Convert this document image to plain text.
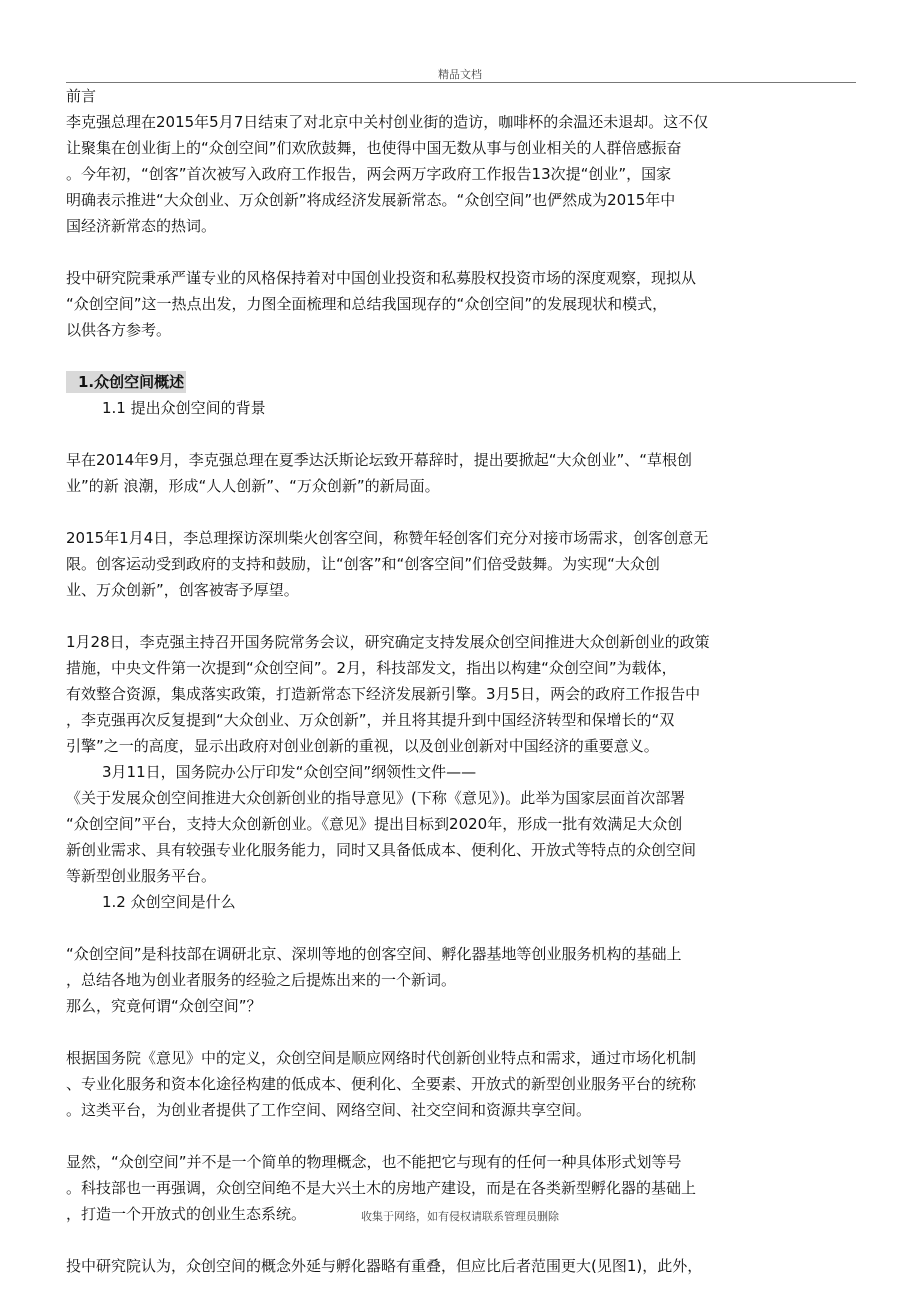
精品文档
前言
李克强总理在2015年5月7日结束了对北京中关村创业街的造访，咖啡杯的余温还未退却。这不仅
让聚集在创业街上的“众创空间”们欢欣鼓舞，也使得中国无数从事与创业相关的人群倍感振奋
。今年初，“创客”首次被写入政府工作报告，两会两万字政府工作报告13次提“创业”，国家
明确表示推进“大众创业、万众创新”将成经济发展新常态。“众创空间”也俨然成为2015年中
国经济新常态的热词。
投中研究院秉承严谨专业的风格保持着对中国创业投资和私募股权投资市场的深度观察，现拟从
“众创空间”这一热点出发，力图全面梳理和总结我国现存的“众创空间”的发展现状和模式，
以供各方参考。
1.众创空间概述
1.1 提出众创空间的背景
早在2014年9月，李克强总理在夏季达沃斯论坛致开幕辞时，提出要掀起“大众创业”、“草根创
业”的新 浪潮，形成“人人创新”、“万众创新”的新局面。
2015年1月4日，李总理探访深圳柴火创客空间，称赞年轻创客们充分对接市场需求，创客创意无
限。创客运动受到政府的支持和鼓励，让“创客”和“创客空间”们倍受鼓舞。为实现“大众创
业、万众创新”，创客被寄予厚望。
1月28日，李克强主持召开国务院常务会议，研究确定支持发展众创空间推进大众创新创业的政策
措施，中央文件第一次提到“众创空间”。2月，科技部发文，指出以构建“众创空间”为载体，
有效整合资源，集成落实政策，打造新常态下经济发展新引擎。3月5日，两会的政府工作报告中
，李克强再次反复提到“大众创业、万众创新”，并且将其提升到中国经济转型和保增长的“双
引擎”之一的高度，显示出政府对创业创新的重视，以及创业创新对中国经济的重要意义。
3月11日，国务院办公厅印发“众创空间”纲领性文件——
《关于发展众创空间推进大众创新创业的指导意见》(下称《意见》)。此举为国家层面首次部署
“众创空间”平台，支持大众创新创业。《意见》提出目标到2020年，形成一批有效满足大众创
新创业需求、具有较强专业化服务能力，同时又具备低成本、便利化、开放式等特点的众创空间
等新型创业服务平台。
1.2 众创空间是什么
“众创空间”是科技部在调研北京、深圳等地的创客空间、孵化器基地等创业服务机构的基础上
，总结各地为创业者服务的经验之后提炼出来的一个新词。
那么，究竟何谓“众创空间”？
根据国务院《意见》中的定义，众创空间是顺应网络时代创新创业特点和需求，通过市场化机制
、专业化服务和资本化途径构建的低成本、便利化、全要素、开放式的新型创业服务平台的统称
。这类平台，为创业者提供了工作空间、网络空间、社交空间和资源共享空间。
显然，“众创空间”并不是一个简单的物理概念，也不能把它与现有的任何一种具体形式划等号
。科技部也一再强调，众创空间绝不是大兴土木的房地产建设，而是在各类新型孵化器的基础上
，打造一个开放式的创业生态系统。
投中研究院认为，众创空间的概念外延与孵化器略有重叠，但应比后者范围更大(见图1)，此外，
收集于网络，如有侵权请联系管理员删除
